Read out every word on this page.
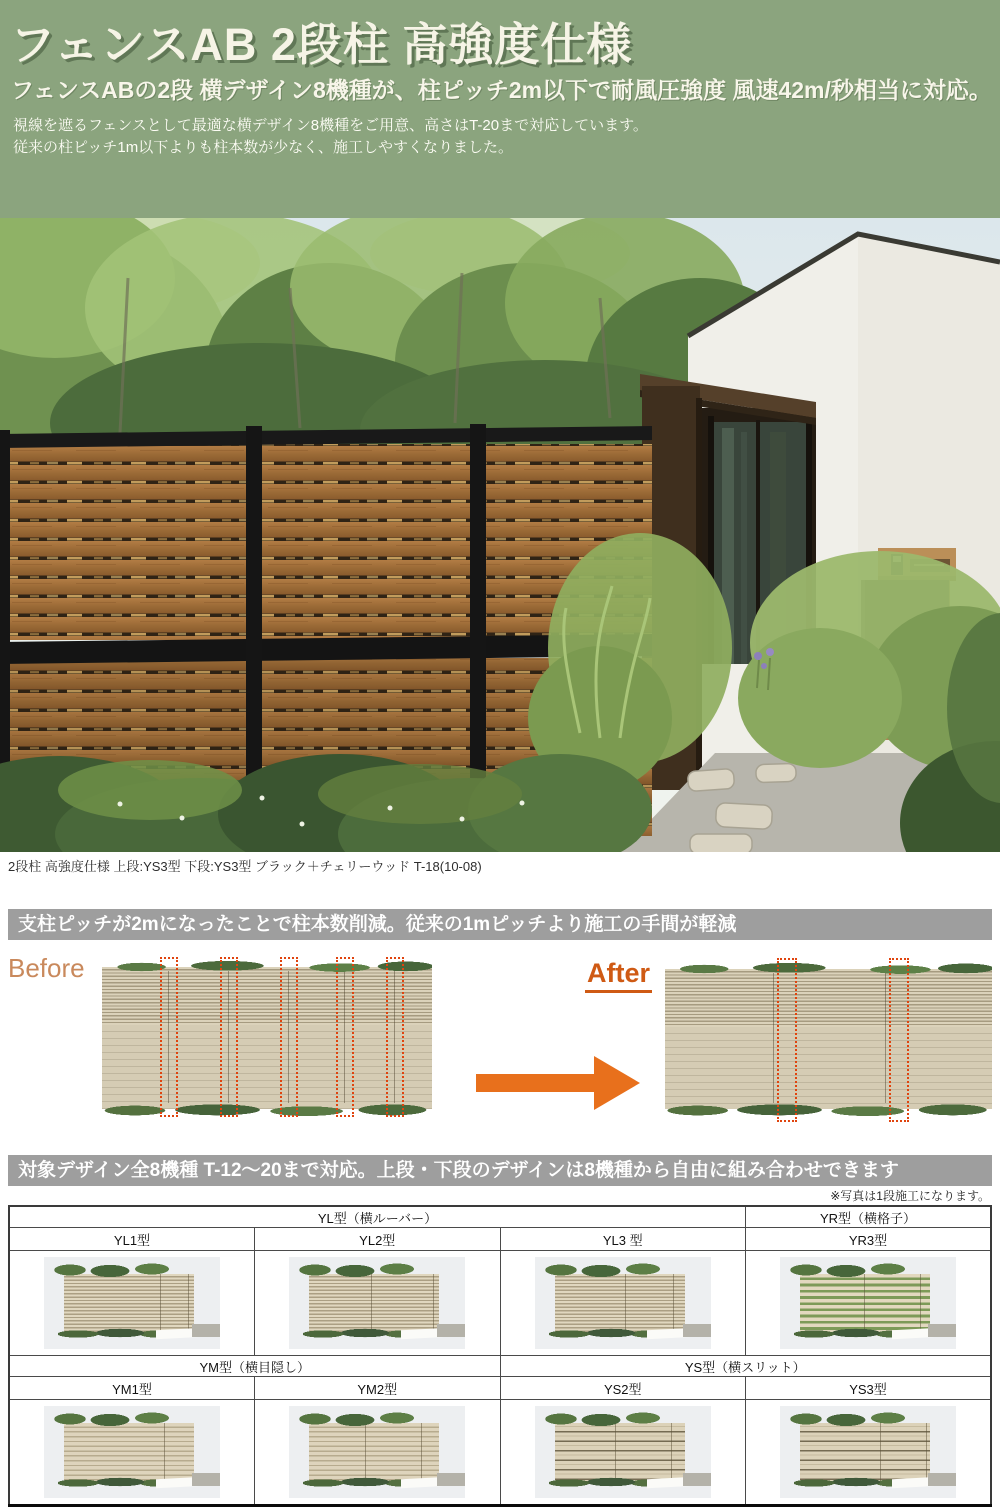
フェンスAB 2段柱 高強度仕様
フェンスABの2段 横デザイン8機種が、柱ピッチ2m以下で耐風圧強度 風速42m/秒相当に対応。
視線を遮るフェンスとして最適な横デザイン8機種をご用意、高さはT-20まで対応しています。
従来の柱ピッチ1m以下よりも柱本数が少なく、施工しやすくなりました。
2段柱 高強度仕様 上段:YS3型 下段:YS3型 ブラック＋チェリーウッド T-18(10-08)
支柱ピッチが2mになったことで柱本数削減。従来の1mピッチより施工の手間が軽減
Before	After
対象デザイン全8機種 T-12～20まで対応。上段・下段のデザインは8機種から自由に組み合わせできます
※写真は1段施工になります。
YL型（横ルーバー）			YR型（横格子）
YL1型	YL2型	YL3 型	YR3型

YM型（横目隠し）		YS型（横スリット）	
YM1型	YM2型	YS2型	YS3型
